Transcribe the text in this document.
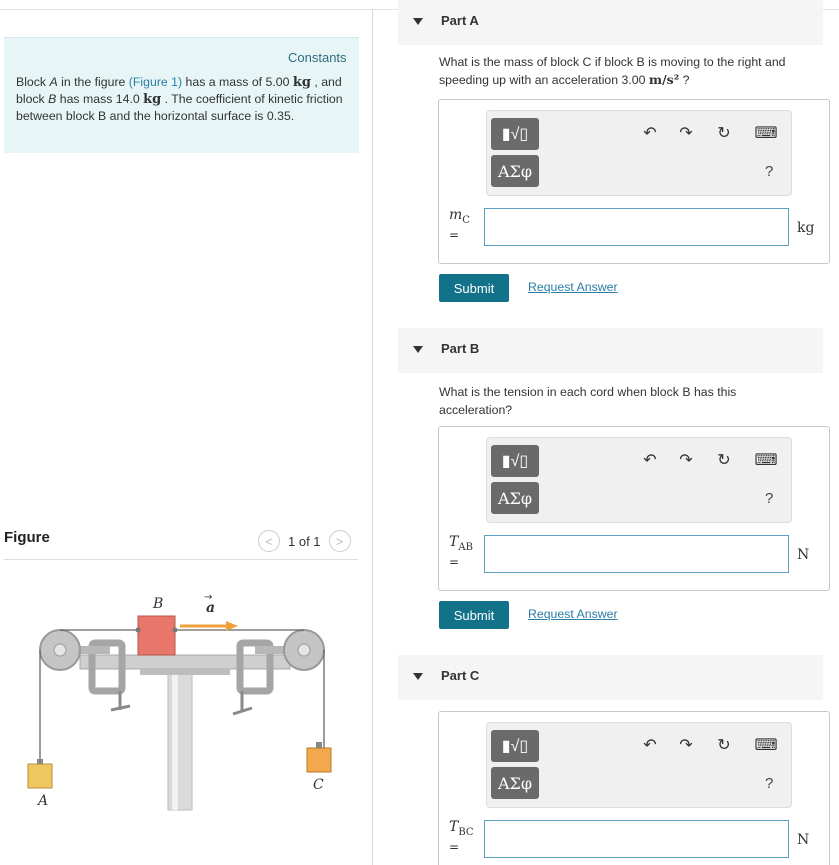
Constants
Block A in the figure (Figure 1) has a mass of 5.00 kg , and block B has mass 14.0 kg . The coefficient of kinetic friction between block B and the horizontal surface is 0.35.
Figure	<	1 of 1	>
B	a
→
A
C
Part A
What is the mass of block C if block B is moving to the right and speeding up with an acceleration 3.00 m/s² ?
▮√▯
ΑΣφ
↶ ↷ ↻ ⌨
?
$m_C$
=	kg
Submit	Request Answer
Part B
What is the tension in each cord when block B has this acceleration?
▮√▯
ΑΣφ
↶ ↷ ↻ ⌨
?
$T_{AB}$
=	N
Submit	Request Answer
Part C
▮√▯
ΑΣφ
↶ ↷ ↻ ⌨
?
$T_{BC}$
=	N
